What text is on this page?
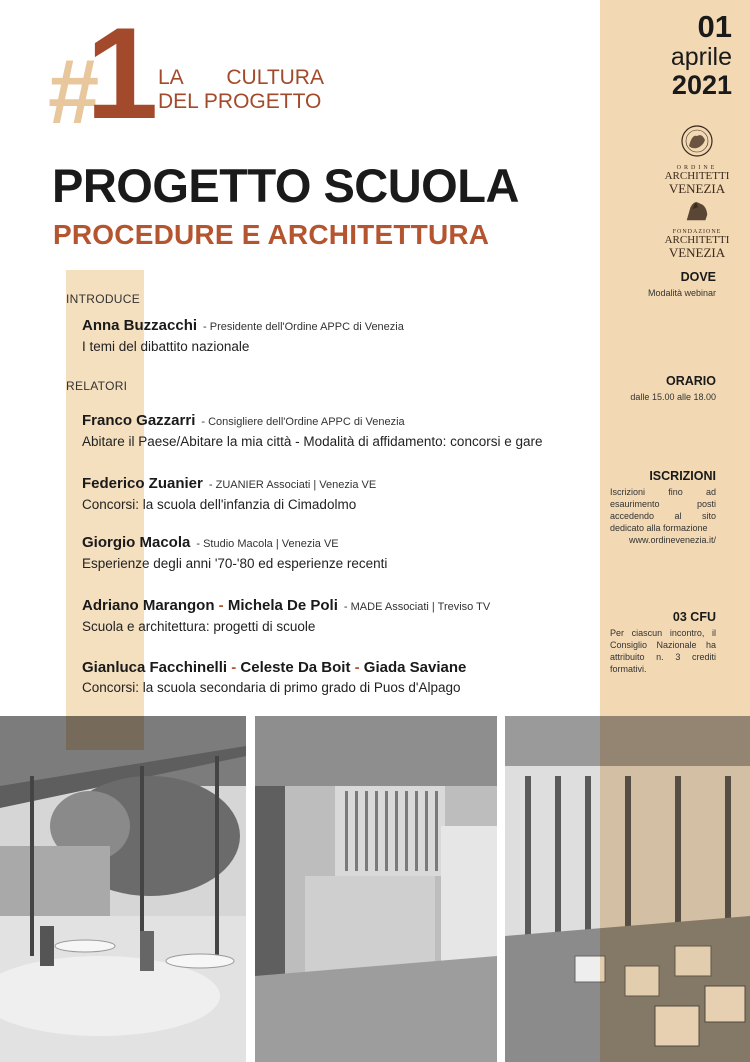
#
1 LA CULTURA
DEL PROGETTO
PROGETTO SCUOLA
PROCEDURE E ARCHITETTURA
INTRODUCE
RELATORI
Anna Buzzacchi - Presidente dell'Ordine APPC di Venezia
I temi del dibattito nazionale
Franco Gazzarri - Consigliere dell'Ordine APPC di Venezia
Abitare il Paese/Abitare la mia città - Modalità di affidamento: concorsi e gare
Federico Zuanier - ZUANIER Associati | Venezia VE
Concorsi: la scuola dell'infanzia di Cimadolmo
Giorgio Macola - Studio Macola | Venezia VE
Esperienze degli anni '70-'80 ed esperienze recenti
Adriano Marangon - Michela De Poli - MADE Associati | Treviso TV
Scuola e architettura: progetti di scuole
Gianluca Facchinelli - Celeste Da Boit - Giada Saviane
Concorsi: la scuola secondaria di primo grado di Puos d'Alpago
01
aprile
2021
ORDINE
ARCHITETTI
VENEZIA
FONDAZIONE
ARCHITETTI
VENEZIA
DOVE
Modalità webinar
ORARIO
dalle 15.00 alle 18.00
ISCRIZIONI
Iscrizioni fino ad esaurimento posti accedendo al sito dedicato alla formazione
www.ordinevenezia.it/
03 CFU
Per ciascun incontro, il Consiglio Nazionale ha attribuito n. 3 crediti formativi.
